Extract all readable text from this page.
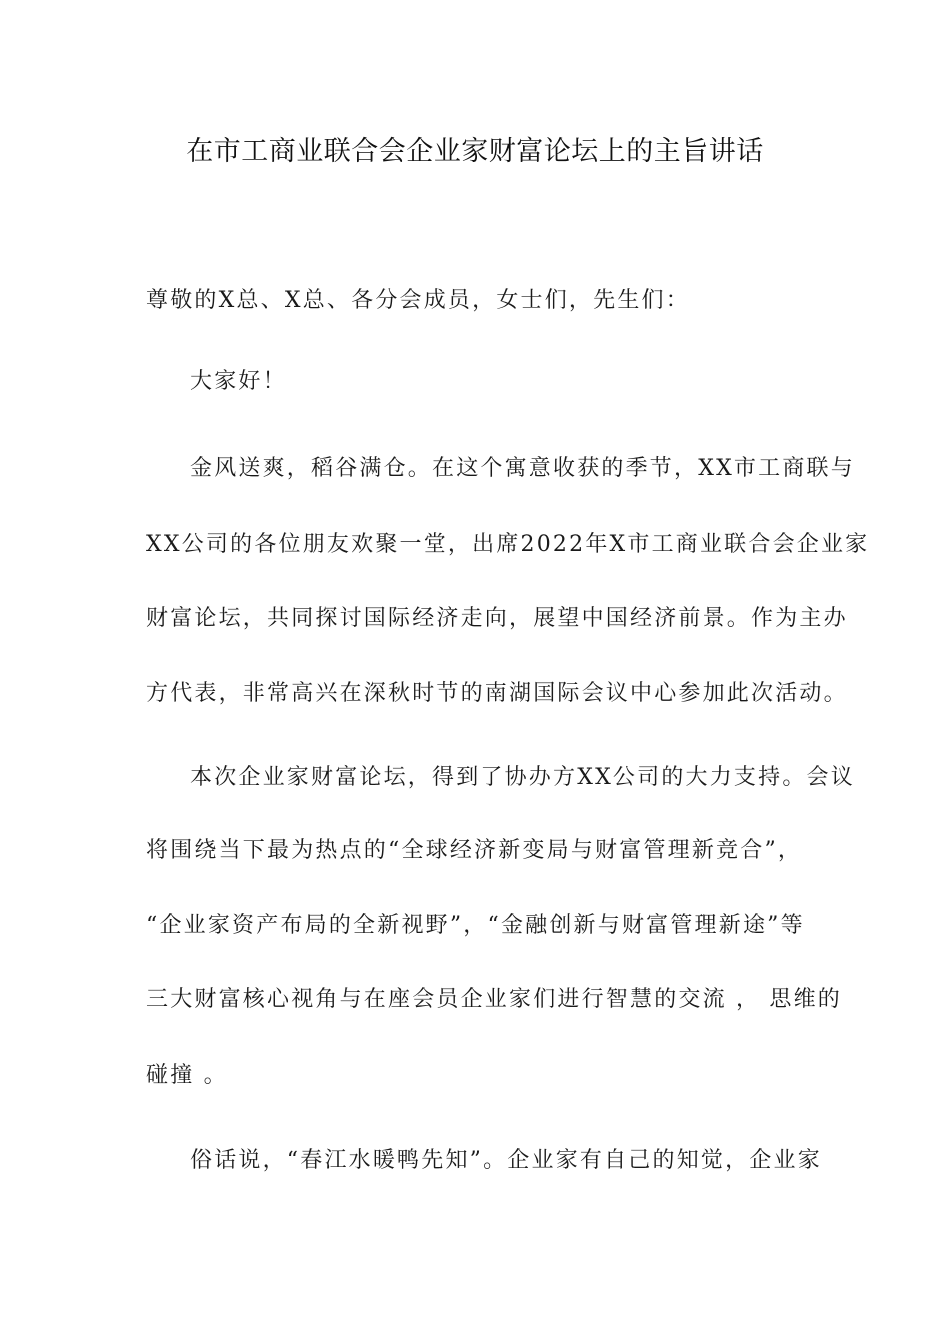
在市工商业联合会企业家财富论坛上的主旨讲话
尊敬的X总、X总、各分会成员，女士们，先生们：
大家好！
金风送爽，稻谷满仓。在这个寓意收获的季节，XX市工商联与
XX公司的各位朋友欢聚一堂，出席2022年X市工商业联合会企业家
财富论坛，共同探讨国际经济走向，展望中国经济前景。作为主办
方代表，非常高兴在深秋时节的南湖国际会议中心参加此次活动。
本次企业家财富论坛，得到了协办方XX公司的大力支持。会议
将围绕当下最为热点的“全球经济新变局与财富管理新竞合”，
“企业家资产布局的全新视野”，“金融创新与财富管理新途”等
三大财富核心视角与在座会员企业家们进行智慧的交流 ， 思维的
碰撞 。
俗话说，“春江水暖鸭先知”。企业家有自己的知觉，企业家
